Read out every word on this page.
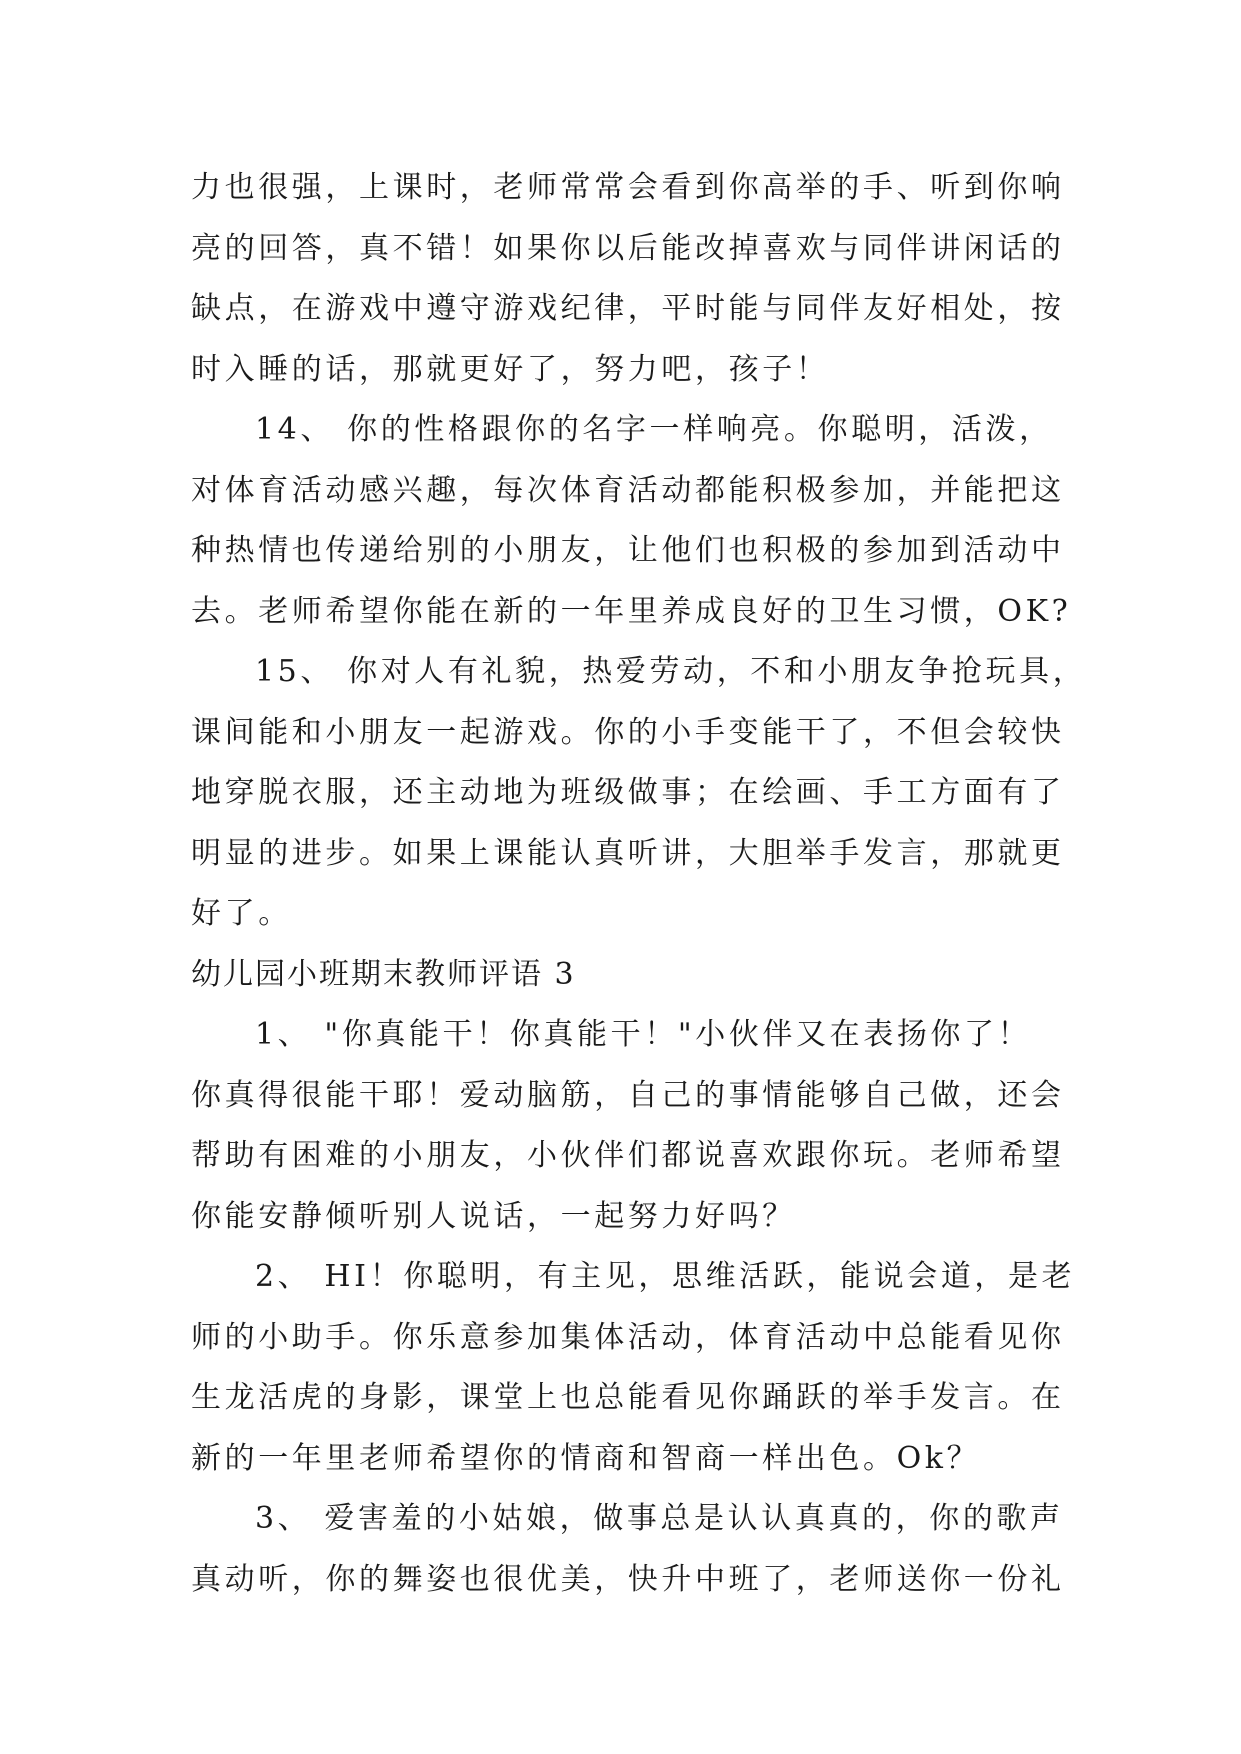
力也很强，上课时，老师常常会看到你高举的手、听到你响
亮的回答，真不错！如果你以后能改掉喜欢与同伴讲闲话的
缺点，在游戏中遵守游戏纪律，平时能与同伴友好相处，按
时入睡的话，那就更好了，努力吧，孩子！
14、 你的性格跟你的名字一样响亮。你聪明，活泼，
对体育活动感兴趣，每次体育活动都能积极参加，并能把这
种热情也传递给别的小朋友，让他们也积极的参加到活动中
去。老师希望你能在新的一年里养成良好的卫生习惯，OK?
15、 你对人有礼貌，热爱劳动，不和小朋友争抢玩具，
课间能和小朋友一起游戏。你的小手变能干了，不但会较快
地穿脱衣服，还主动地为班级做事；在绘画、手工方面有了
明显的进步。如果上课能认真听讲，大胆举手发言，那就更
好了。
幼儿园小班期末教师评语 3
1、 "你真能干！你真能干！"小伙伴又在表扬你了！
你真得很能干耶！爱动脑筋，自己的事情能够自己做，还会
帮助有困难的小朋友，小伙伴们都说喜欢跟你玩。老师希望
你能安静倾听别人说话，一起努力好吗？
2、 HI！你聪明，有主见，思维活跃，能说会道，是老
师的小助手。你乐意参加集体活动，体育活动中总能看见你
生龙活虎的身影，课堂上也总能看见你踊跃的举手发言。在
新的一年里老师希望你的情商和智商一样出色。Ok？
3、 爱害羞的小姑娘，做事总是认认真真的，你的歌声
真动听，你的舞姿也很优美，快升中班了，老师送你一份礼
